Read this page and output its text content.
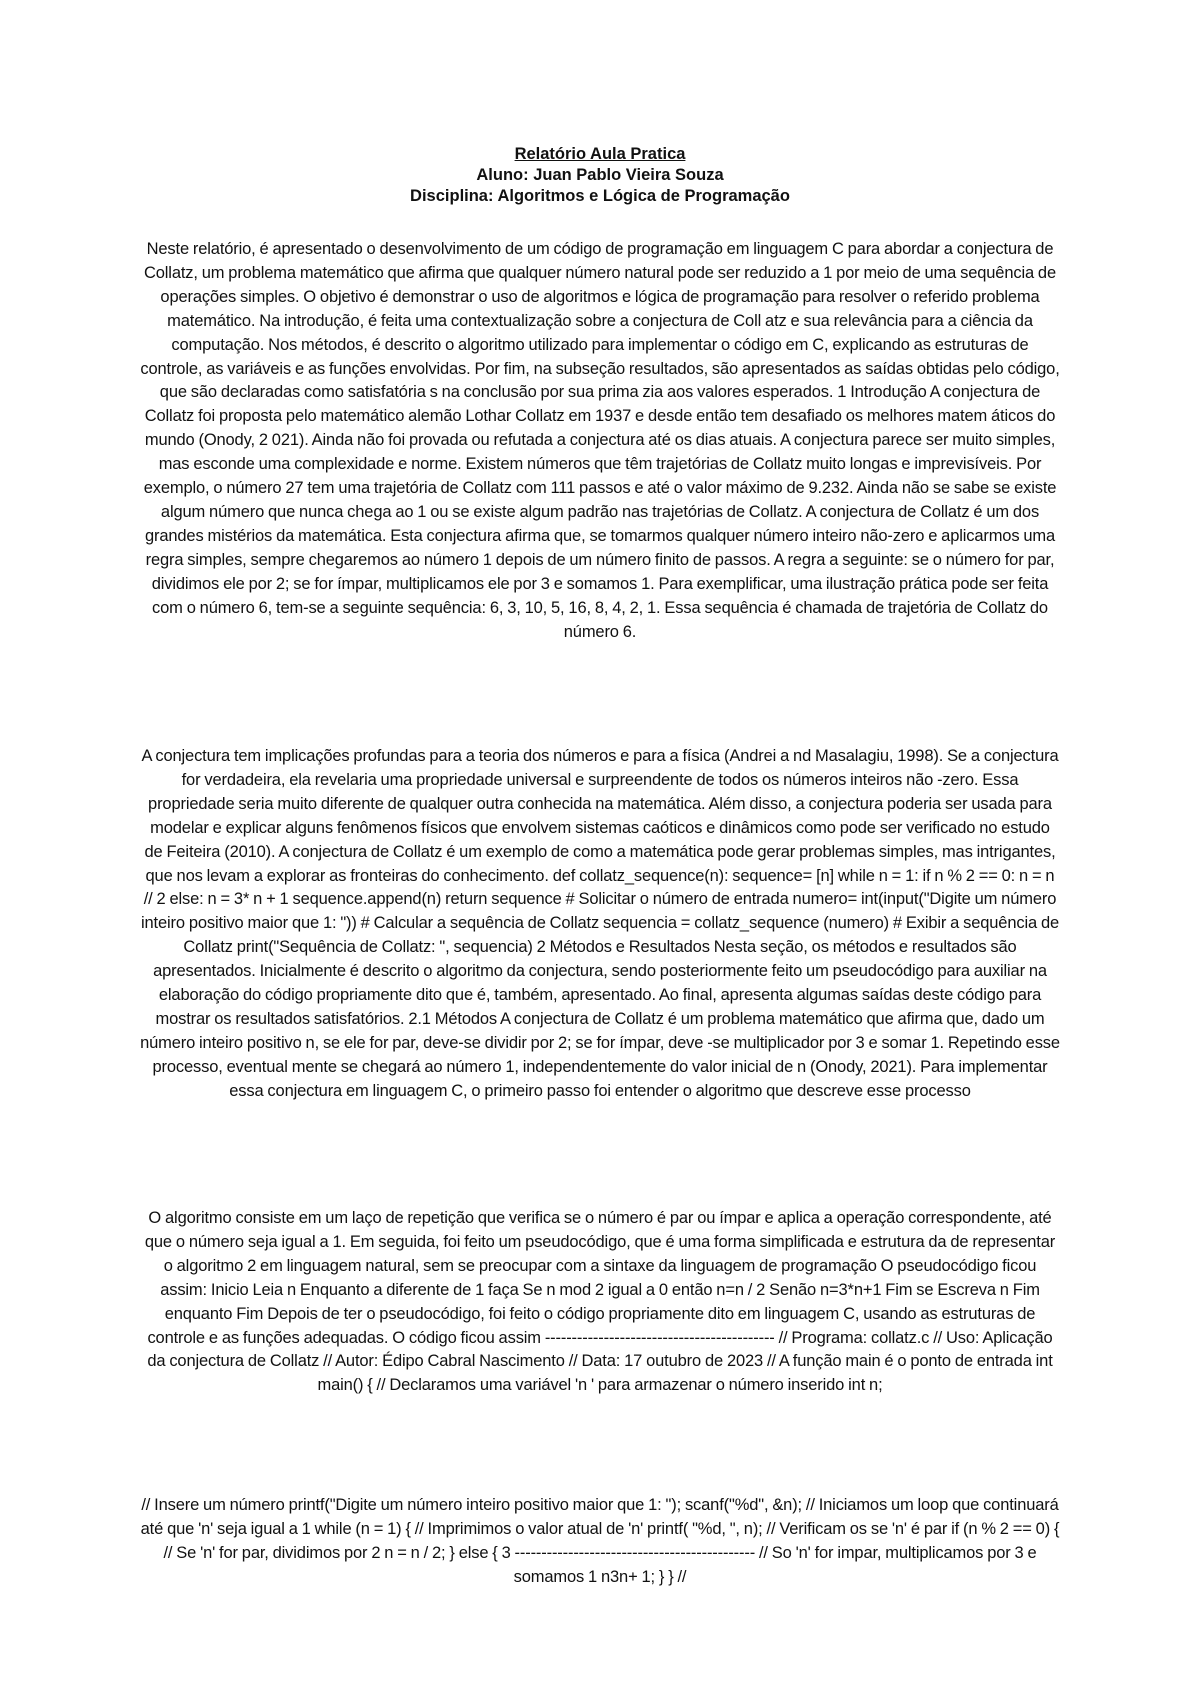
Relatório Aula Pratica
Aluno: Juan Pablo Vieira Souza
Disciplina: Algoritmos e Lógica de Programação
Neste relatório, é apresentado o desenvolvimento de um código de programação em linguagem C para abordar a conjectura de Collatz, um problema matemático que afirma que qualquer número natural pode ser reduzido a 1 por meio de uma sequência de operações simples. O objetivo é demonstrar o uso de algoritmos e lógica de programação para resolver o referido problema matemático. Na introdução, é feita uma contextualização sobre a conjectura de Coll atz e sua relevância para a ciência da computação. Nos métodos, é descrito o algoritmo utilizado para implementar o código em C, explicando as estruturas de controle, as variáveis e as funções envolvidas. Por fim, na subseção resultados, são apresentados as saídas obtidas pelo código, que são declaradas como satisfatória s na conclusão por sua prima zia aos valores esperados. 1 Introdução A conjectura de Collatz foi proposta pelo matemático alemão Lothar Collatz em 1937 e desde então tem desafiado os melhores matem áticos do mundo (Onody, 2 021). Ainda não foi provada ou refutada a conjectura até os dias atuais. A conjectura parece ser muito simples, mas esconde uma complexidade e norme. Existem números que têm trajetórias de Collatz muito longas e imprevisíveis. Por exemplo, o número 27 tem uma trajetória de Collatz com 111 passos e até o valor máximo de 9.232. Ainda não se sabe se existe algum número que nunca chega ao 1 ou se existe algum padrão nas trajetórias de Collatz. A conjectura de Collatz é um dos grandes mistérios da matemática. Esta conjectura afirma que, se tomarmos qualquer número inteiro não-zero e aplicarmos uma regra simples, sempre chegaremos ao número 1 depois de um número finito de passos. A regra a seguinte: se o número for par, dividimos ele por 2; se for ímpar, multiplicamos ele por 3 e somamos 1. Para exemplificar, uma ilustração prática pode ser feita com o número 6, tem-se a seguinte sequência: 6, 3, 10, 5, 16, 8, 4, 2, 1. Essa sequência é chamada de trajetória de Collatz do número 6.
A conjectura tem implicações profundas para a teoria dos números e para a física (Andrei a nd Masalagiu, 1998). Se a conjectura for verdadeira, ela revelaria uma propriedade universal e surpreendente de todos os números inteiros não -zero. Essa propriedade seria muito diferente de qualquer outra conhecida na matemática. Além disso, a conjectura poderia ser usada para modelar e explicar alguns fenômenos físicos que envolvem sistemas caóticos e dinâmicos como pode ser verificado no estudo de Feiteira (2010). A conjectura de Collatz é um exemplo de como a matemática pode gerar problemas simples, mas intrigantes, que nos levam a explorar as fronteiras do conhecimento. def collatz_sequence(n): sequence= [n] while n = 1: if n % 2 == 0: n = n // 2 else: n = 3* n + 1 sequence.append(n) return sequence # Solicitar o número de entrada numero= int(input("Digite um número inteiro positivo maior que 1: ")) # Calcular a sequência de Collatz sequencia = collatz_sequence (numero) # Exibir a sequência de Collatz print("Sequência de Collatz: ", sequencia) 2 Métodos e Resultados Nesta seção, os métodos e resultados são apresentados. Inicialmente é descrito o algoritmo da conjectura, sendo posteriormente feito um pseudocódigo para auxiliar na elaboração do código propriamente dito que é, também, apresentado. Ao final, apresenta algumas saídas deste código para mostrar os resultados satisfatórios. 2.1 Métodos A conjectura de Collatz é um problema matemático que afirma que, dado um número inteiro positivo n, se ele for par, deve-se dividir por 2; se for ímpar, deve -se multiplicador por 3 e somar 1. Repetindo esse processo, eventual mente se chegará ao número 1, independentemente do valor inicial de n (Onody, 2021). Para implementar essa conjectura em linguagem C, o primeiro passo foi entender o algoritmo que descreve esse processo
O algoritmo consiste em um laço de repetição que verifica se o número é par ou ímpar e aplica a operação correspondente, até que o número seja igual a 1. Em seguida, foi feito um pseudocódigo, que é uma forma simplificada e estrutura da de representar o algoritmo 2 em linguagem natural, sem se preocupar com a sintaxe da linguagem de programação O pseudocódigo ficou assim: Inicio Leia n Enquanto a diferente de 1 faça Se n mod 2 igual a 0 então n=n / 2 Senão n=3*n+1 Fim se Escreva n Fim enquanto Fim Depois de ter o pseudocódigo, foi feito o código propriamente dito em linguagem C, usando as estruturas de controle e as funções adequadas. O código ficou assim ------------------------------------------- // Programa: collatz.c // Uso: Aplicação da conjectura de Collatz // Autor: Édipo Cabral Nascimento // Data: 17 outubro de 2023 // A função main é o ponto de entrada int main() { // Declaramos uma variável 'n ' para armazenar o número inserido int n;
// Insere um número printf("Digite um número inteiro positivo maior que 1: "); scanf("%d", &n); // Iniciamos um loop que continuará até que 'n' seja igual a 1 while (n = 1) { // Imprimimos o valor atual de 'n' printf( "%d, ", n); // Verificam os se 'n' é par if (n % 2 == 0) { // Se 'n' for par, dividimos por 2 n = n / 2; } else { 3 --------------------------------------------- // So 'n' for impar, multiplicamos por 3 e somamos 1 n3n+ 1; } } //
